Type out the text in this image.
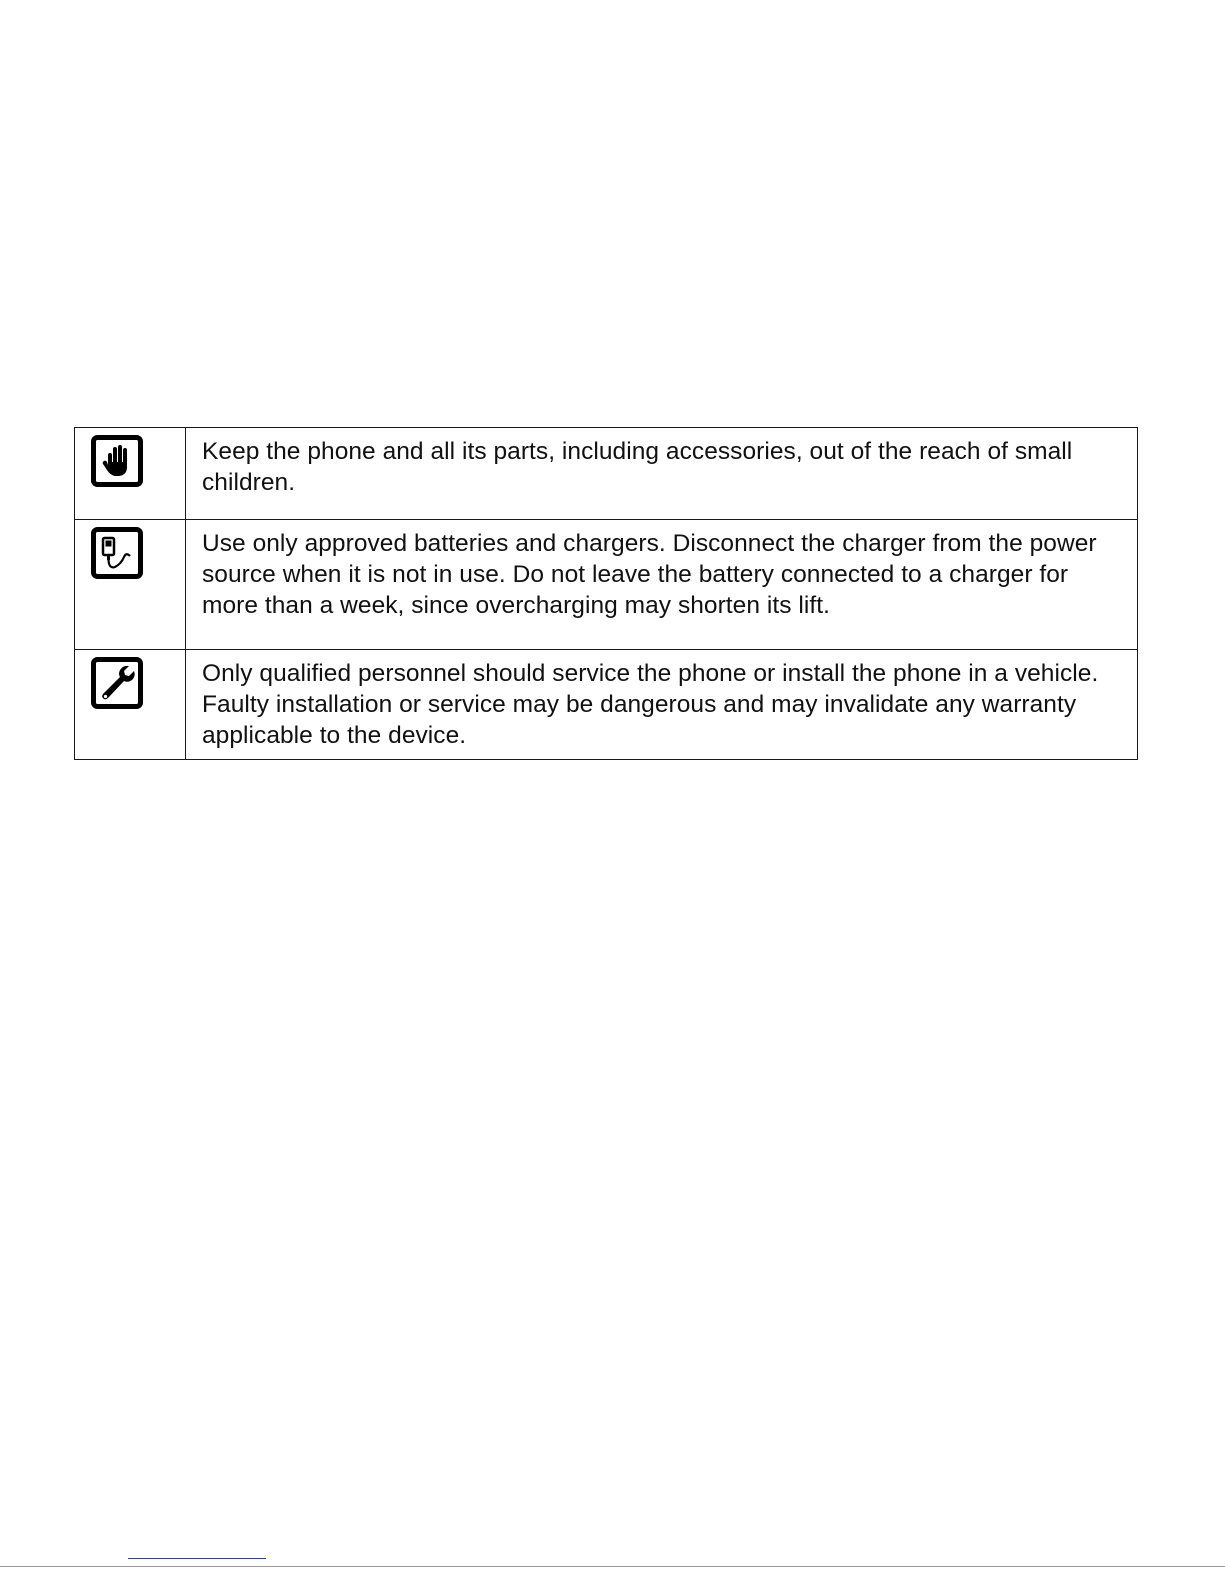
	Keep the phone and all its parts, including accessories, out of the reach of small children.

	Use only approved batteries and chargers. Disconnect the charger from the power source when it is not in use. Do not leave the battery connected to a charger for more than a week, since overcharging may shorten its lift.

	Only qualified personnel should service the phone or install the phone in a vehicle. Faulty installation or service may be dangerous and may invalidate any warranty applicable to the device.
